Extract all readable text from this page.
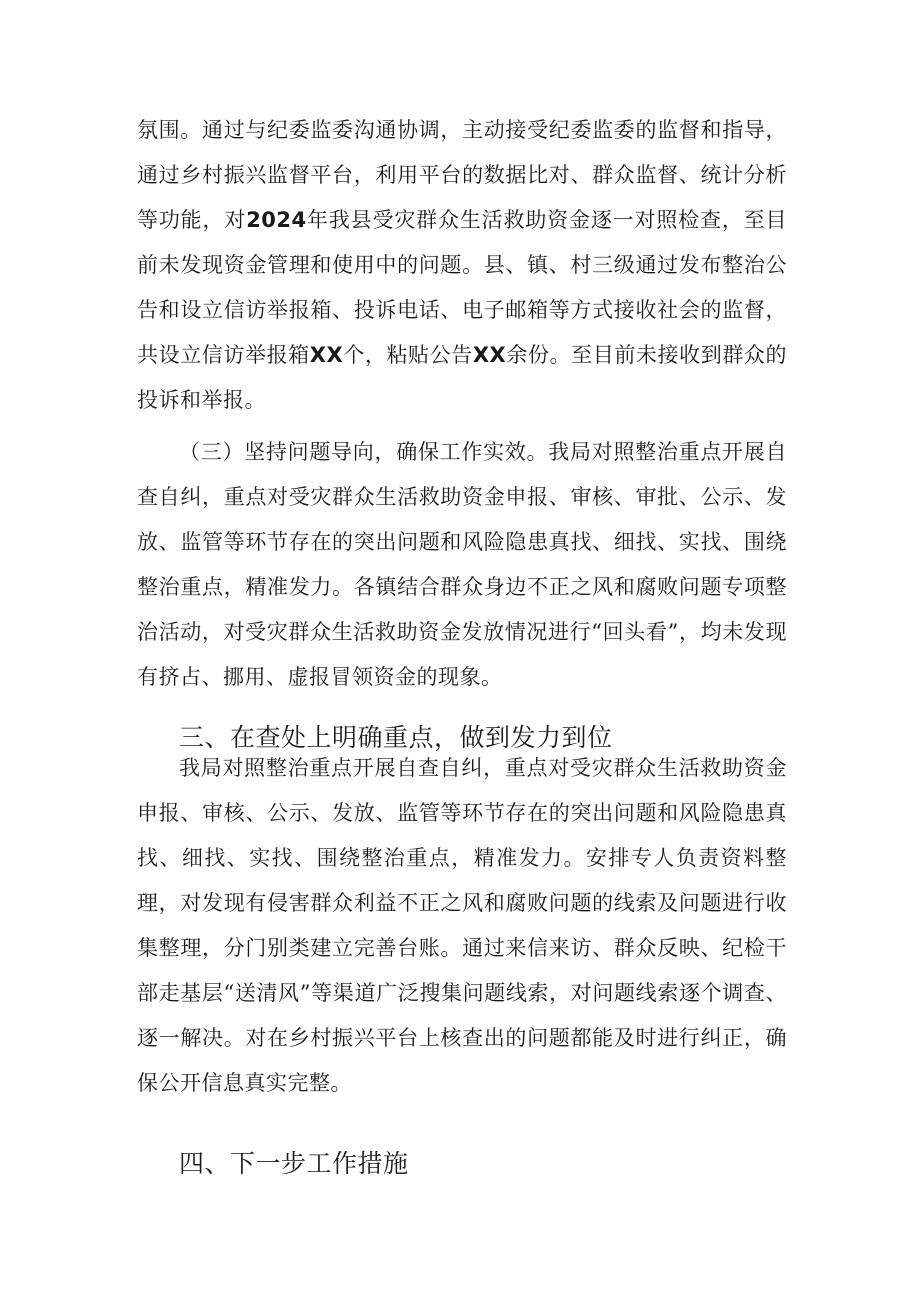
氛围。通过与纪委监委沟通协调，主动接受纪委监委的监督和指导，通过乡村振兴监督平台，利用平台的数据比对、群众监督、统计分析等功能，对2024年我县受灾群众生活救助资金逐一对照检查，至目前未发现资金管理和使用中的问题。县、镇、村三级通过发布整治公告和设立信访举报箱、投诉电话、电子邮箱等方式接收社会的监督，共设立信访举报箱XX个，粘贴公告XX余份。至目前未接收到群众的投诉和举报。

（三）坚持问题导向，确保工作实效。我局对照整治重点开展自查自纠，重点对受灾群众生活救助资金申报、审核、审批、公示、发放、监管等环节存在的突出问题和风险隐患真找、细找、实找、围绕整治重点，精准发力。各镇结合群众身边不正之风和腐败问题专项整治活动，对受灾群众生活救助资金发放情况进行“回头看”，均未发现有挤占、挪用、虚报冒领资金的现象。

三、在查处上明确重点，做到发力到位

我局对照整治重点开展自查自纠，重点对受灾群众生活救助资金申报、审核、公示、发放、监管等环节存在的突出问题和风险隐患真找、细找、实找、围绕整治重点，精准发力。安排专人负责资料整理，对发现有侵害群众利益不正之风和腐败问题的线索及问题进行收集整理，分门别类建立完善台账。通过来信来访、群众反映、纪检干部走基层“送清风”等渠道广泛搜集问题线索，对问题线索逐个调查、逐一解决。对在乡村振兴平台上核查出的问题都能及时进行纠正，确保公开信息真实完整。

四、下一步工作措施
